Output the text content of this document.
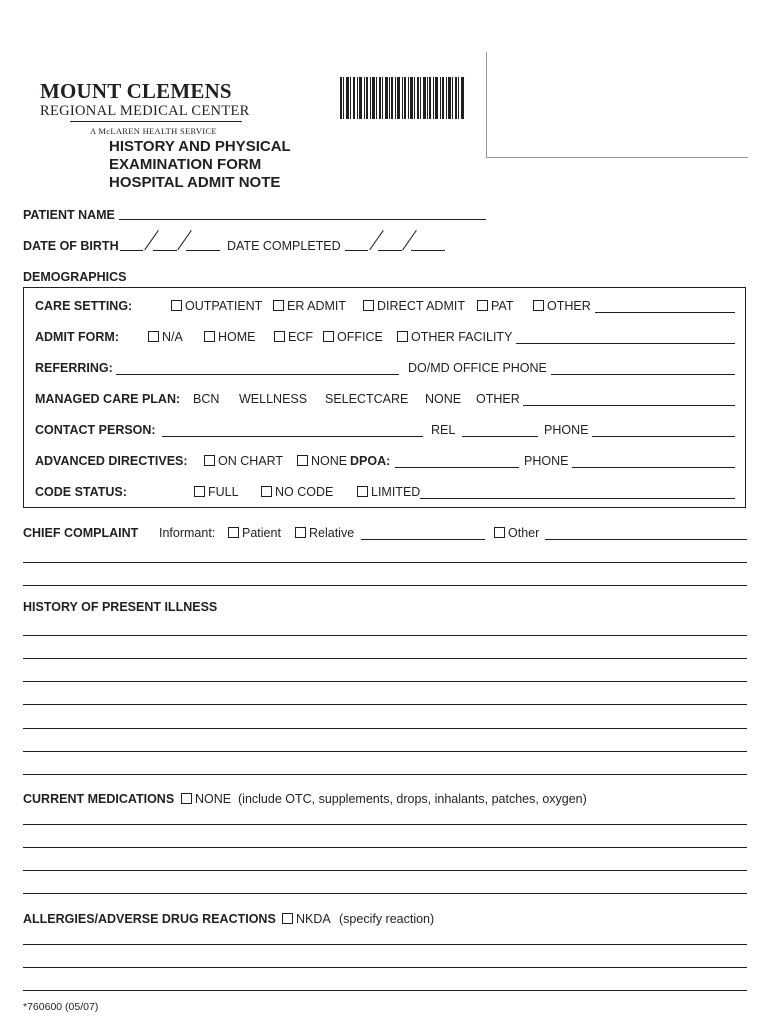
MOUNT CLEMENS
REGIONAL MEDICAL CENTER
A McLAREN HEALTH SERVICE
HISTORY AND PHYSICAL
EXAMINATION FORM
HOSPITAL ADMIT NOTE
PATIENT NAME
DATE OF BIRTH	DATE COMPLETED
DEMOGRAPHICS
CARE SETTING:	OUTPATIENT	ER ADMIT	DIRECT ADMIT	PAT	OTHER
ADMIT FORM:	N/A	HOME	ECF	OFFICE	OTHER FACILITY
REFERRING:	DO/MD OFFICE PHONE
MANAGED CARE PLAN: BCN WELLNESS SELECTCARE NONE OTHER
CONTACT PERSON:	REL	PHONE
ADVANCED DIRECTIVES:	ON CHART	NONE DPOA:	PHONE
CODE STATUS:	FULL	NO CODE	LIMITED
CHIEF COMPLAINT Informant:	Patient	Relative	Other
HISTORY OF PRESENT ILLNESS
CURRENT MEDICATIONS	NONE (include OTC, supplements, drops, inhalants, patches, oxygen)
ALLERGIES/ADVERSE DRUG REACTIONS	NKDA (specify reaction)
*760600 (05/07)
